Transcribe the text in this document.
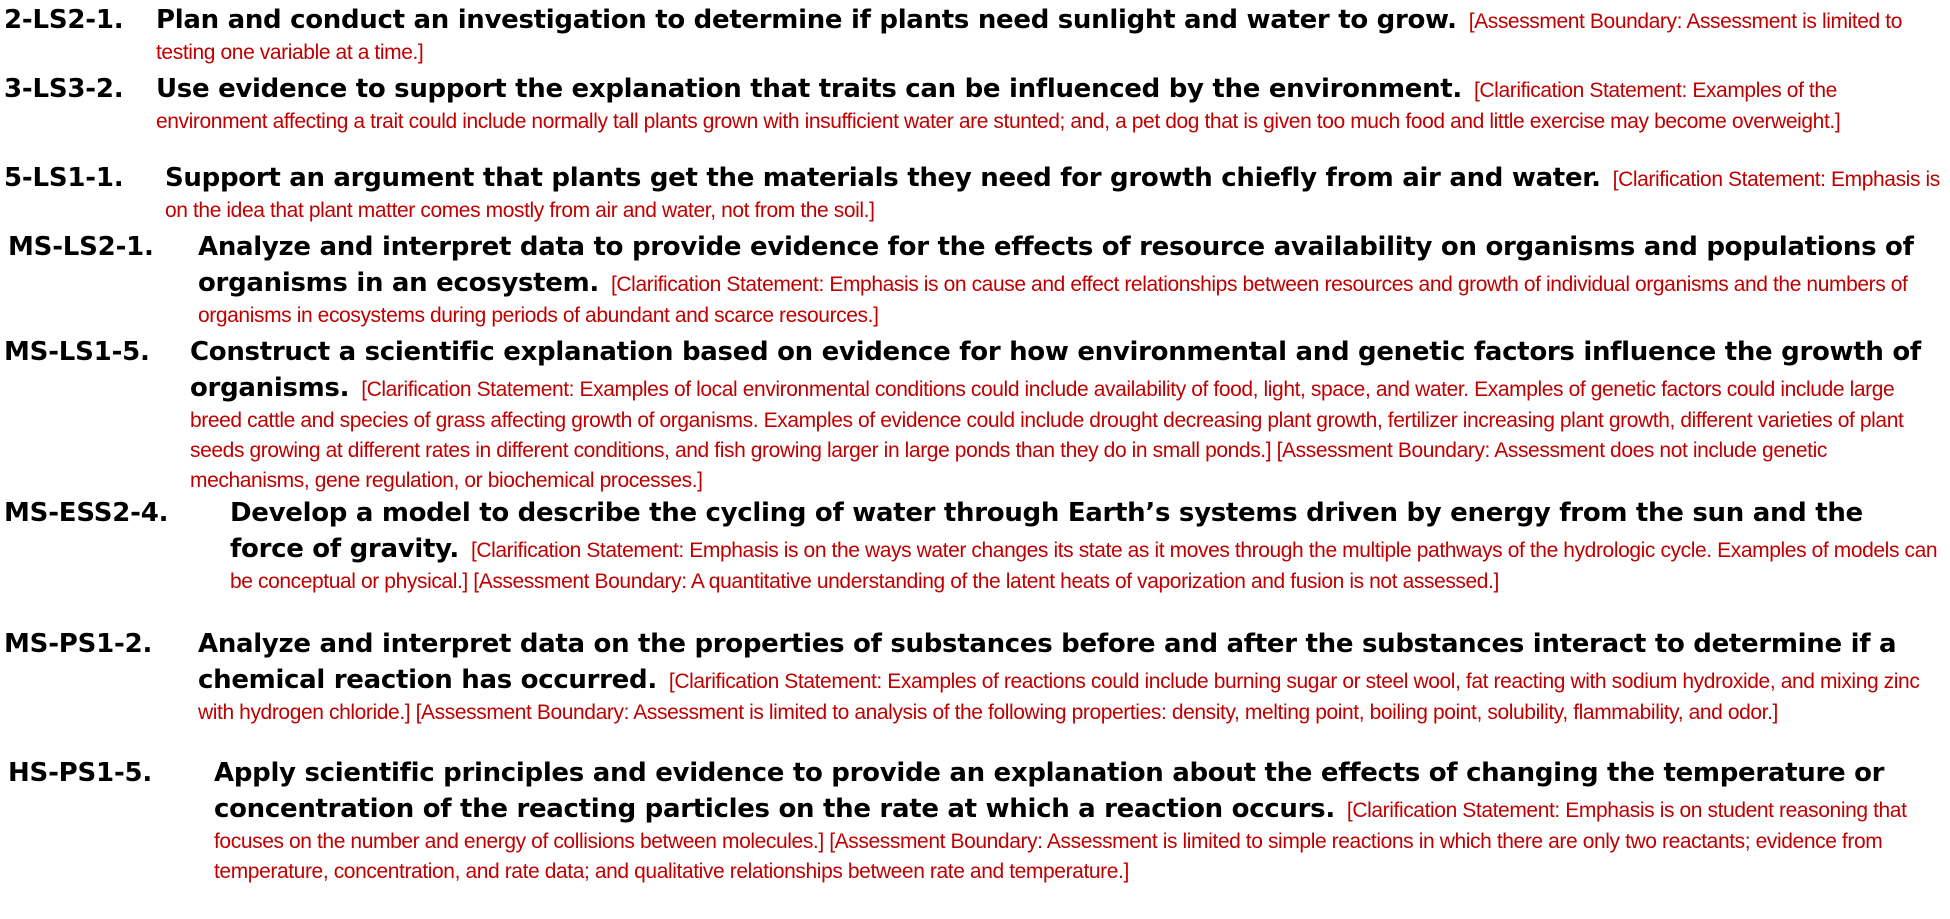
2-LS2-1.	Plan and conduct an investigation to determine if plants need sunlight and water to grow. [Assessment Boundary: Assessment is limited to testing one variable at a time.]
3-LS3-2.	Use evidence to support the explanation that traits can be influenced by the environment. [Clarification Statement: Examples of the environment affecting a trait could include normally tall plants grown with insufficient water are stunted; and, a pet dog that is given too much food and little exercise may become overweight.]
5-LS1-1.	Support an argument that plants get the materials they need for growth chiefly from air and water. [Clarification Statement: Emphasis is on the idea that plant matter comes mostly from air and water, not from the soil.]
MS-LS2-1.	Analyze and interpret data to provide evidence for the effects of resource availability on organisms and populations of organisms in an ecosystem. [Clarification Statement: Emphasis is on cause and effect relationships between resources and growth of individual organisms and the numbers of organisms in ecosystems during periods of abundant and scarce resources.]
MS-LS1-5.	Construct a scientific explanation based on evidence for how environmental and genetic factors influence the growth of organisms. [Clarification Statement: Examples of local environmental conditions could include availability of food, light, space, and water. Examples of genetic factors could include large breed cattle and species of grass affecting growth of organisms. Examples of evidence could include drought decreasing plant growth, fertilizer increasing plant growth, different varieties of plant seeds growing at different rates in different conditions, and fish growing larger in large ponds than they do in small ponds.] [Assessment Boundary: Assessment does not include genetic mechanisms, gene regulation, or biochemical processes.]
MS-ESS2-4.	Develop a model to describe the cycling of water through Earth’s systems driven by energy from the sun and the force of gravity. [Clarification Statement: Emphasis is on the ways water changes its state as it moves through the multiple pathways of the hydrologic cycle. Examples of models can be conceptual or physical.] [Assessment Boundary: A quantitative understanding of the latent heats of vaporization and fusion is not assessed.]
MS-PS1-2.	Analyze and interpret data on the properties of substances before and after the substances interact to determine if a chemical reaction has occurred. [Clarification Statement: Examples of reactions could include burning sugar or steel wool, fat reacting with sodium hydroxide, and mixing zinc with hydrogen chloride.] [Assessment Boundary: Assessment is limited to analysis of the following properties: density, melting point, boiling point, solubility, flammability, and odor.]
HS-PS1-5.	Apply scientific principles and evidence to provide an explanation about the effects of changing the temperature or concentration of the reacting particles on the rate at which a reaction occurs. [Clarification Statement: Emphasis is on student reasoning that focuses on the number and energy of collisions between molecules.] [Assessment Boundary: Assessment is limited to simple reactions in which there are only two reactants; evidence from temperature, concentration, and rate data; and qualitative relationships between rate and temperature.]
